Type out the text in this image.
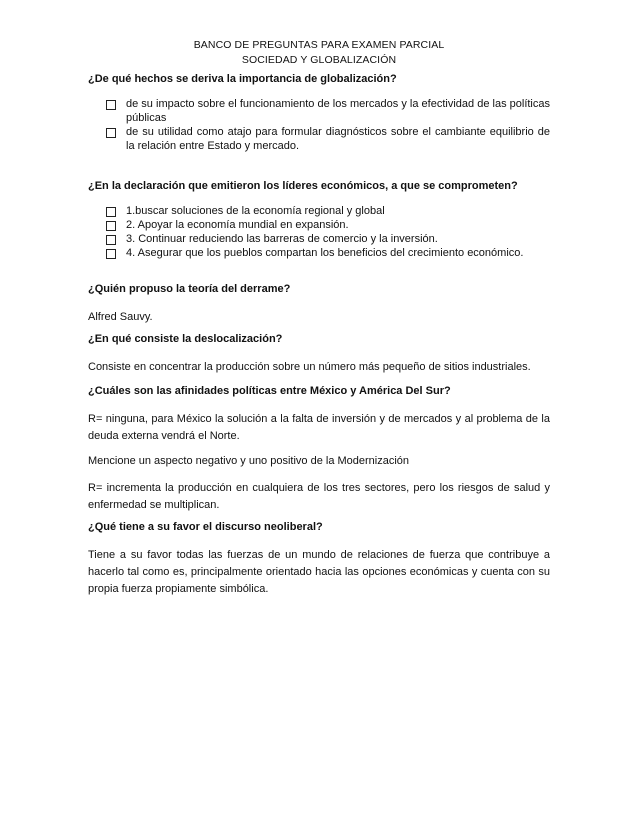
BANCO DE PREGUNTAS PARA EXAMEN PARCIAL
SOCIEDAD Y GLOBALIZACIÓN

¿De qué hechos se deriva la importancia de globalización?

de su impacto sobre el funcionamiento de los mercados y la efectividad de las políticas públicas
de su utilidad como atajo para formular diagnósticos sobre el cambiante equilibrio de la relación entre Estado y mercado.

¿En la declaración que emitieron los líderes económicos, a que se comprometen?

1.buscar soluciones de la economía regional y global
2. Apoyar la economía mundial en expansión.
3. Continuar reduciendo las barreras de comercio y la inversión.
4. Asegurar que los pueblos compartan los beneficios del crecimiento económico.

¿Quién propuso la teoría del derrame?

Alfred Sauvy.

¿En qué consiste la deslocalización?

Consiste en concentrar la producción sobre un número más pequeño de sitios industriales.

¿Cuáles son las afinidades políticas entre México y América Del Sur?

R= ninguna, para México la solución a la falta de inversión y de mercados y al problema de la deuda externa vendrá el Norte.

Mencione un aspecto negativo y uno positivo de la Modernización

R= incrementa la producción en cualquiera de los tres sectores, pero los riesgos de salud y enfermedad se multiplican.

¿Qué tiene a su favor el discurso neoliberal?

Tiene a su favor todas las fuerzas de un mundo de relaciones de fuerza que contribuye a hacerlo tal como es, principalmente orientado hacia las opciones económicas y cuenta con su propia fuerza propiamente simbólica.
